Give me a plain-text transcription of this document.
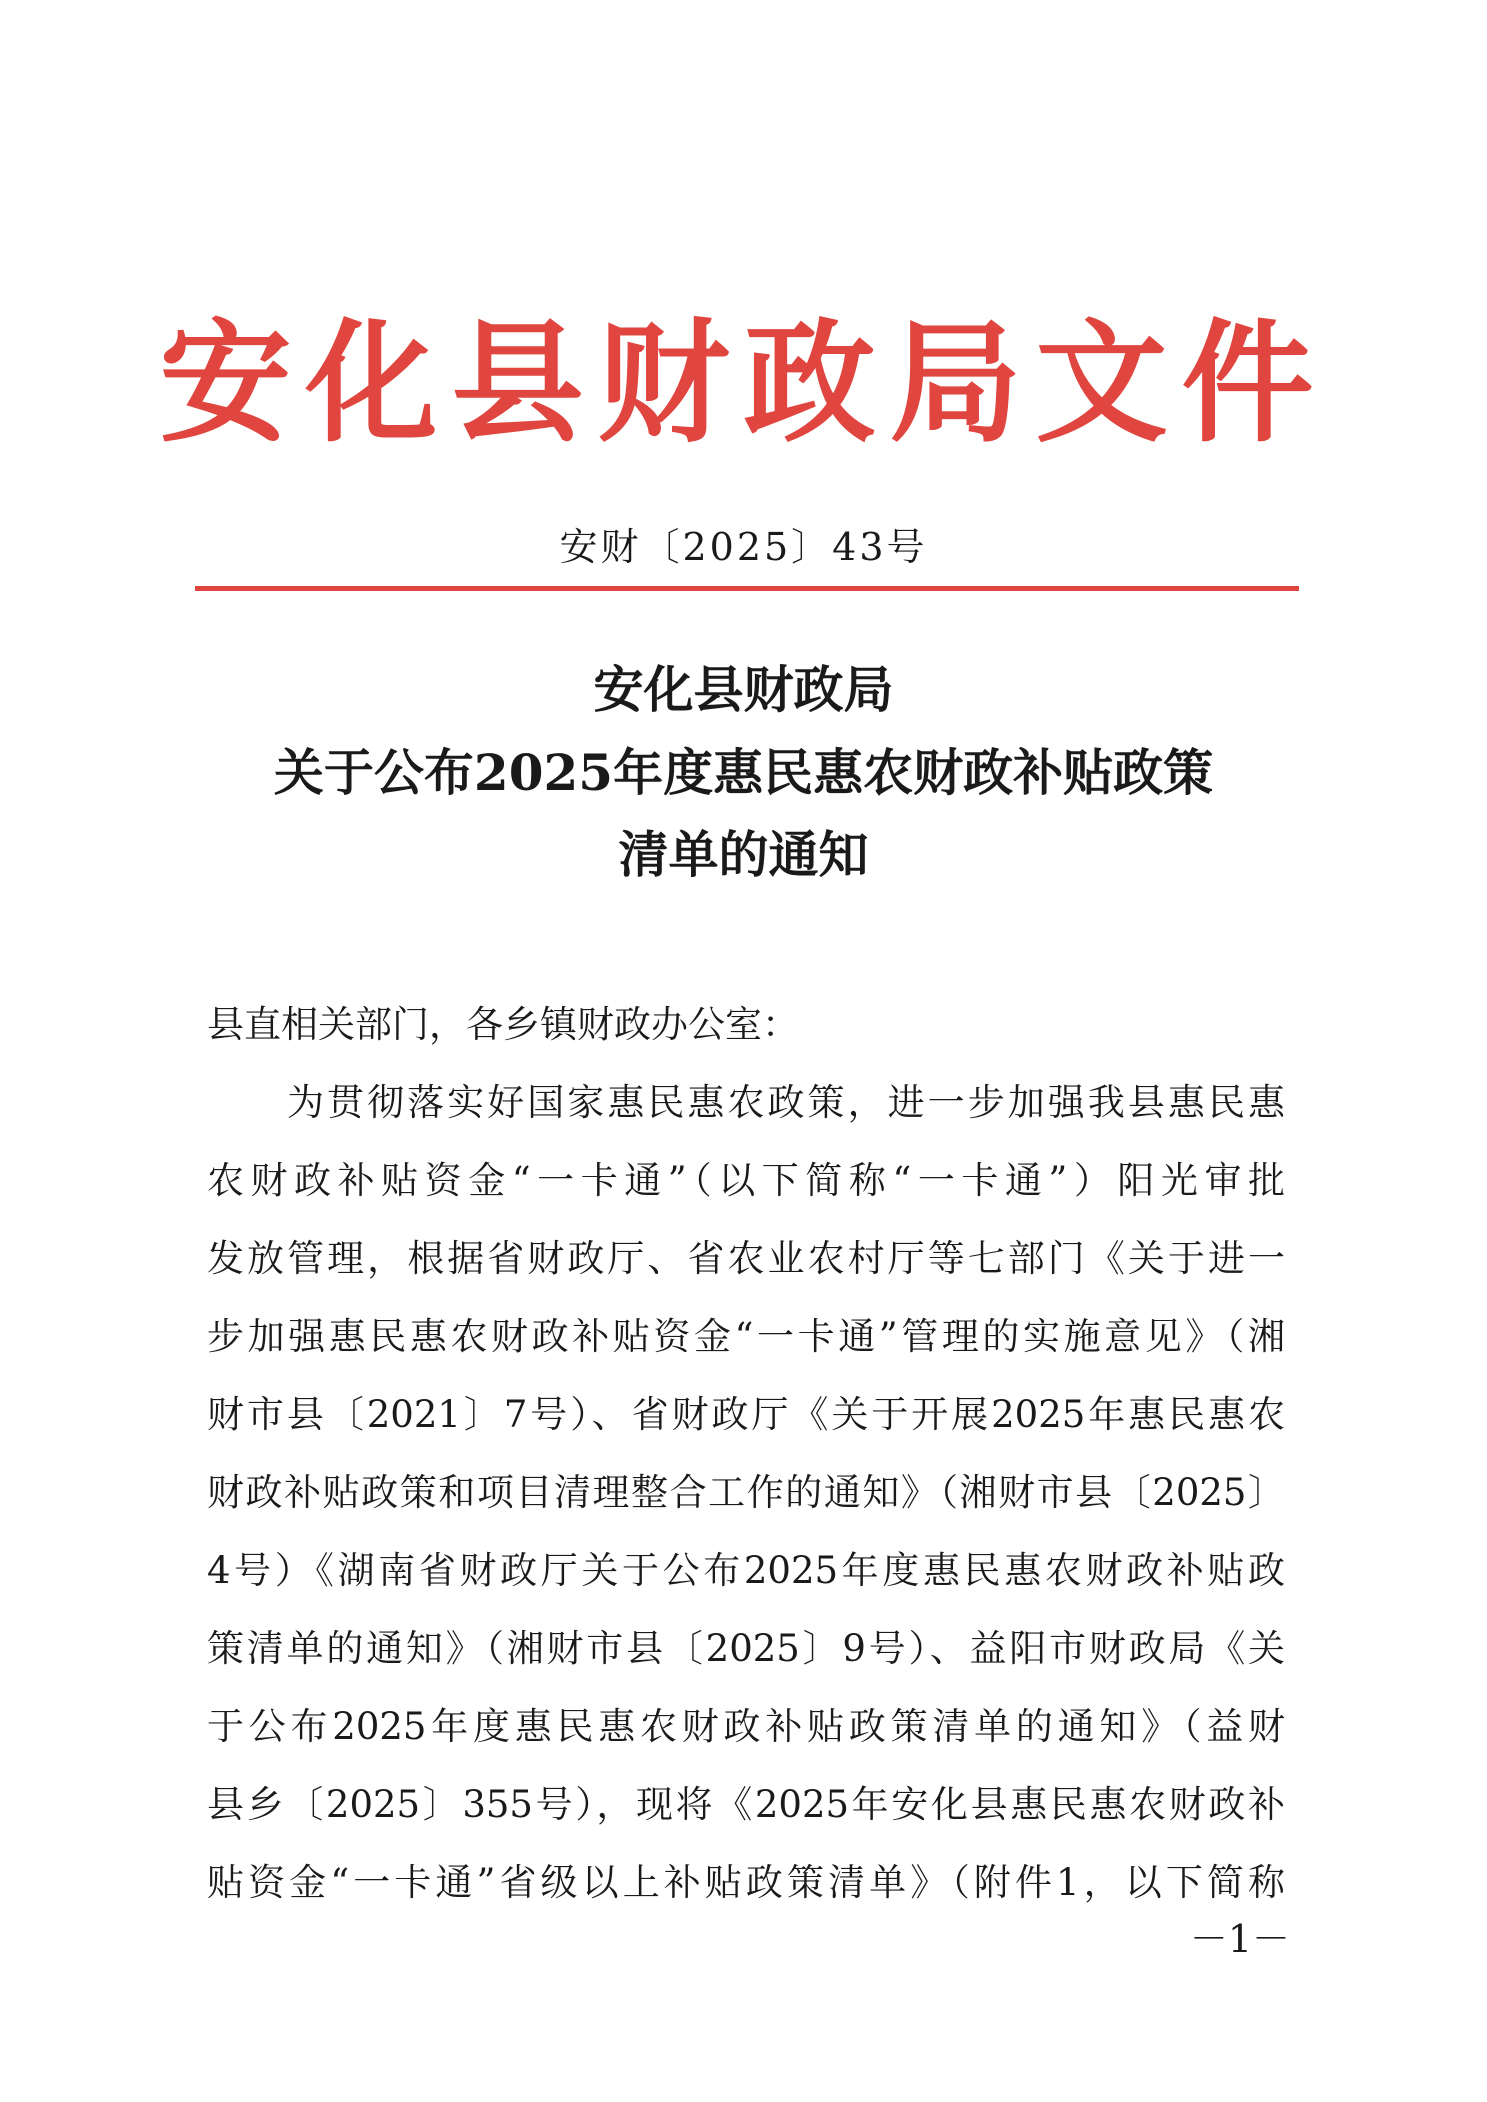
安化县财政局文件
安财〔2025〕43号
安化县财政局
关于公布2025年度惠民惠农财政补贴政策
清单的通知
县直相关部门，各乡镇财政办公室：
为贯彻落实好国家惠民惠农政策，进一步加强我县惠民惠
农财政补贴资金“一卡通”（以下简称“一卡通”）阳光审批
发放管理，根据省财政厅、省农业农村厅等七部门《关于进一
步加强惠民惠农财政补贴资金“一卡通”管理的实施意见》（湘
财市县〔2021〕7号）、省财政厅《关于开展2025年惠民惠农
财政补贴政策和项目清理整合工作的通知》（湘财市县〔2025〕
4号）《湖南省财政厅关于公布2025年度惠民惠农财政补贴政
策清单的通知》（湘财市县〔2025〕9号）、益阳市财政局《关
于公布2025年度惠民惠农财政补贴政策清单的通知》（益财
县乡〔2025〕355号），现将《2025年安化县惠民惠农财政补
贴资金“一卡通”省级以上补贴政策清单》（附件1，以下简称
－1－
